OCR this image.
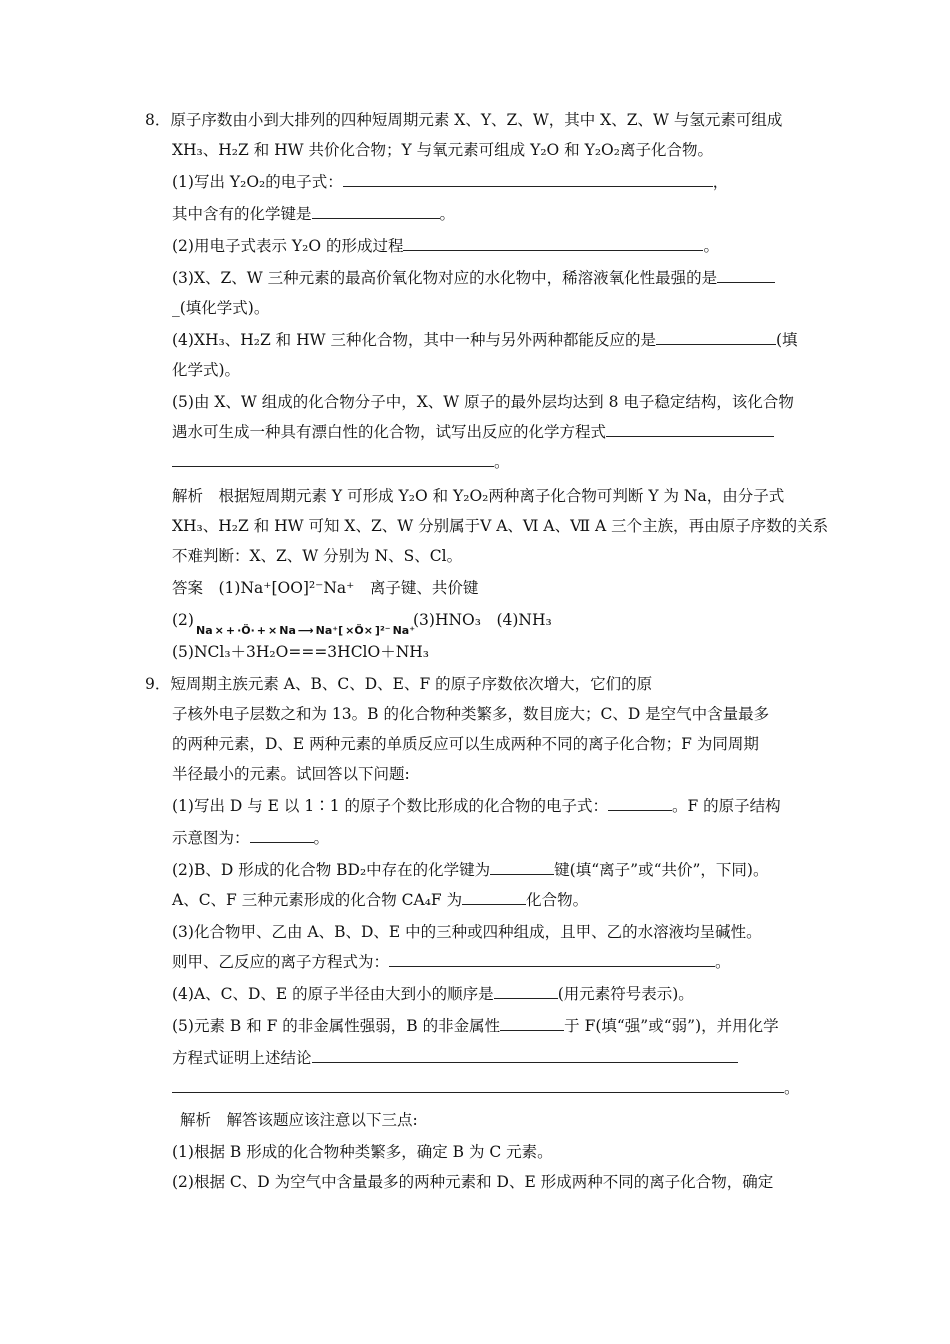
8．原子序数由小到大排列的四种短周期元素 X、Y、Z、W，其中 X、Z、W 与氢元素可组成
XH₃、H₂Z 和 HW 共价化合物；Y 与氧元素可组成 Y₂O 和 Y₂O₂离子化合物。
(1)写出 Y₂O₂的电子式：	，
其中含有的化学键是	。
(2)用电子式表示 Y₂O 的形成过程	。
(3)X、Z、W 三种元素的最高价氧化物对应的水化物中，稀溶液氧化性最强的是
_(填化学式)。
(4)XH₃、H₂Z 和 HW 三种化合物，其中一种与另外两种都能反应的是	(填
化学式)。
(5)由 X、W 组成的化合物分子中，X、W 原子的最外层均达到 8 电子稳定结构，该化合物
遇水可生成一种具有漂白性的化合物，试写出反应的化学方程式
。
解析　根据短周期元素 Y 可形成 Y₂O 和 Y₂O₂两种离子化合物可判断 Y 为 Na，由分子式
XH₃、H₂Z 和 HW 可知 X、Z、W 分别属于Ⅴ A、Ⅵ A、Ⅶ A 三个主族，再由原子序数的关系
不难判断：X、Z、W 分别为 N、S、Cl。
答案　(1)Na⁺[OO]²⁻Na⁺　离子键、共价键
(2)	(3)HNO₃　(4)NH₃
(5)NCl₃＋3H₂O===3HClO＋NH₃
9．短周期主族元素 A、B、C、D、E、F 的原子序数依次增大，它们的原
子核外电子层数之和为 13。B 的化合物种类繁多，数目庞大；C、D 是空气中含量最多
的两种元素，D、E 两种元素的单质反应可以生成两种不同的离子化合物；F 为同周期
半径最小的元素。试回答以下问题:
(1)写出 D 与 E 以 1∶1 的原子个数比形成的化合物的电子式：	。F 的原子结构
示意图为：	。
(2)B、D 形成的化合物 BD₂中存在的化学键为	键(填“离子”或“共价”，下同)。
A、C、F 三种元素形成的化合物 CA₄F 为	化合物。
(3)化合物甲、乙由 A、B、D、E 中的三种或四种组成，且甲、乙的水溶液均呈碱性。
则甲、乙反应的离子方程式为：	。
(4)A、C、D、E 的原子半径由大到小的顺序是	(用元素符号表示)。
(5)元素 B 和 F 的非金属性强弱，B 的非金属性	于 F(填“强”或“弱”)，并用化学
方程式证明上述结论
。
解析　解答该题应该注意以下三点:
(1)根据 B 形成的化合物种类繁多，确定 B 为 C 元素。
(2)根据 C、D 为空气中含量最多的两种元素和 D、E 形成两种不同的离子化合物，确定
Na × + ·Ö· + × Na ⟶ Na⁺[ ×Ö× ]²⁻ Na⁺
